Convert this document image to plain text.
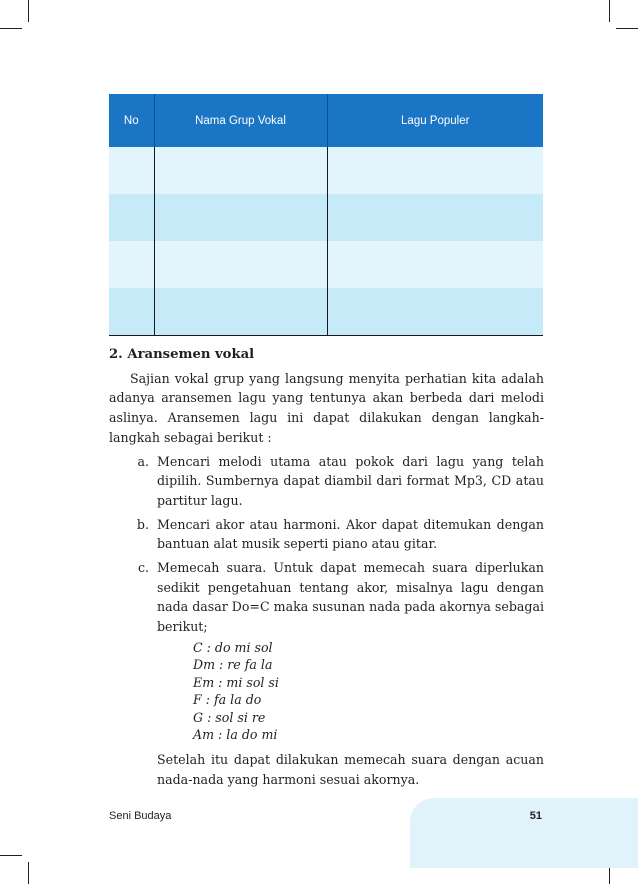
No	Nama Grup Vokal	Lagu Populer

2. Aransemen vokal

Sajian vokal grup yang langsung menyita perhatian kita adalah adanya aransemen lagu yang tentunya akan berbeda dari melodi aslinya. Aransemen lagu ini dapat dilakukan dengan langkah-langkah sebagai berikut :

a. Mencari melodi utama atau pokok dari lagu yang telah dipilih. Sumbernya dapat diambil dari format Mp3, CD atau partitur lagu.
b. Mencari akor atau harmoni. Akor dapat ditemukan dengan bantuan alat musik seperti piano atau gitar.
c. Memecah suara. Untuk dapat memecah suara diperlukan sedikit pengetahuan tentang akor, misalnya lagu dengan nada dasar Do=C maka susunan nada pada akornya sebagai berikut;
C : do mi sol
Dm : re fa la
Em : mi sol si
F : fa la do
G : sol si re
Am : la do mi

Setelah itu dapat dilakukan memecah suara dengan acuan nada-nada yang harmoni sesuai akornya.

Seni Budaya	51
